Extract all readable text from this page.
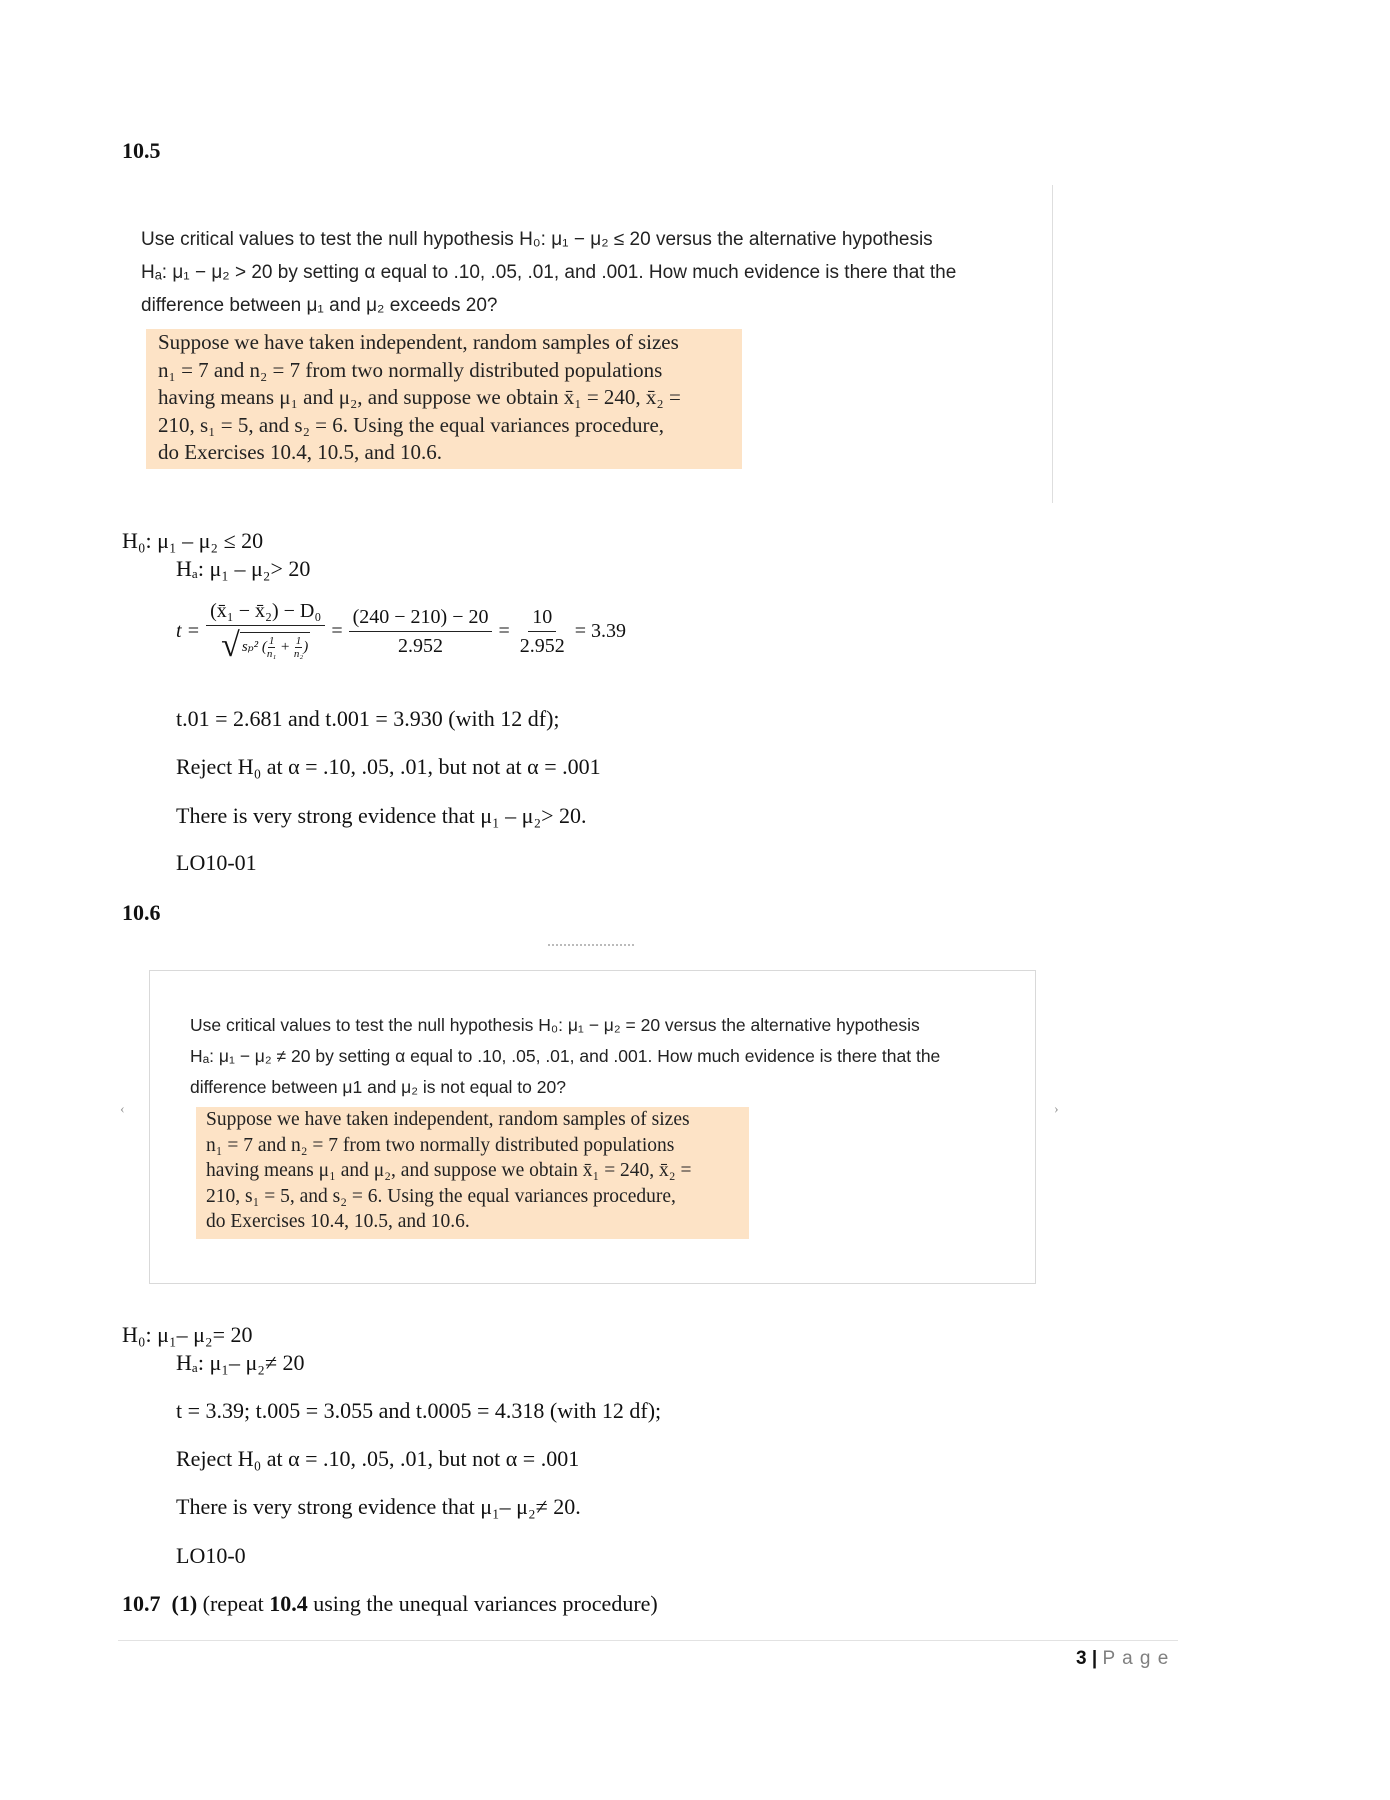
10.5
Use critical values to test the null hypothesis H₀: μ₁ − μ₂ ≤ 20 versus the alternative hypothesis
Hₐ: μ₁ − μ₂ > 20 by setting α equal to .10, .05, .01, and .001. How much evidence is there that the
difference between μ₁ and μ₂ exceeds 20?

Suppose we have taken independent, random samples of sizes

n₁ = 7 and n₂ = 7 from two normally distributed populations

having means μ₁ and μ₂, and suppose we obtain x̄₁ = 240, x̄₂ =

210, s₁ = 5, and s₂ = 6. Using the equal variances procedure,

do Exercises 10.4, 10.5, and 10.6.

H₀: μ₁ – μ₂ ≤ 20
Hₐ: μ₁ – μ₂> 20
t =
(x̄₁ − x̄₂) − D₀
√ sₚ² ( $\frac{1}{\text{n₁}} + \frac{1}{\text{n₂}}$ )
= $\frac{(240 - 210) - 20}{2.952} = \frac{10}{2.952} = 3.39$
t.01 = 2.681 and t.001 = 3.930 (with 12 df);
Reject H₀ at α = .10, .05, .01, but not at α = .001
There is very strong evidence that μ₁ – μ₂> 20.
LO10-01
10.6
‹	›
Use critical values to test the null hypothesis H₀: μ₁ − μ₂ = 20 versus the alternative hypothesis
Hₐ: μ₁ − μ₂ ≠ 20 by setting α equal to .10, .05, .01, and .001. How much evidence is there that the
difference between μ1 and μ₂ is not equal to 20?

Suppose we have taken independent, random samples of sizes

n₁ = 7 and n₂ = 7 from two normally distributed populations

having means μ₁ and μ₂, and suppose we obtain x̄₁ = 240, x̄₂ =

210, s₁ = 5, and s₂ = 6. Using the equal variances procedure,

do Exercises 10.4, 10.5, and 10.6.

H₀: μ₁– μ₂= 20
Hₐ: μ₁– μ₂≠ 20
t = 3.39; t.005 = 3.055 and t.0005 = 4.318 (with 12 df);
Reject H₀ at α = .10, .05, .01, but not α = .001
There is very strong evidence that μ₁– μ₂≠ 20.
LO10-0
10.7 (1) (repeat 10.4 using the unequal variances procedure)
3 | P a g e
